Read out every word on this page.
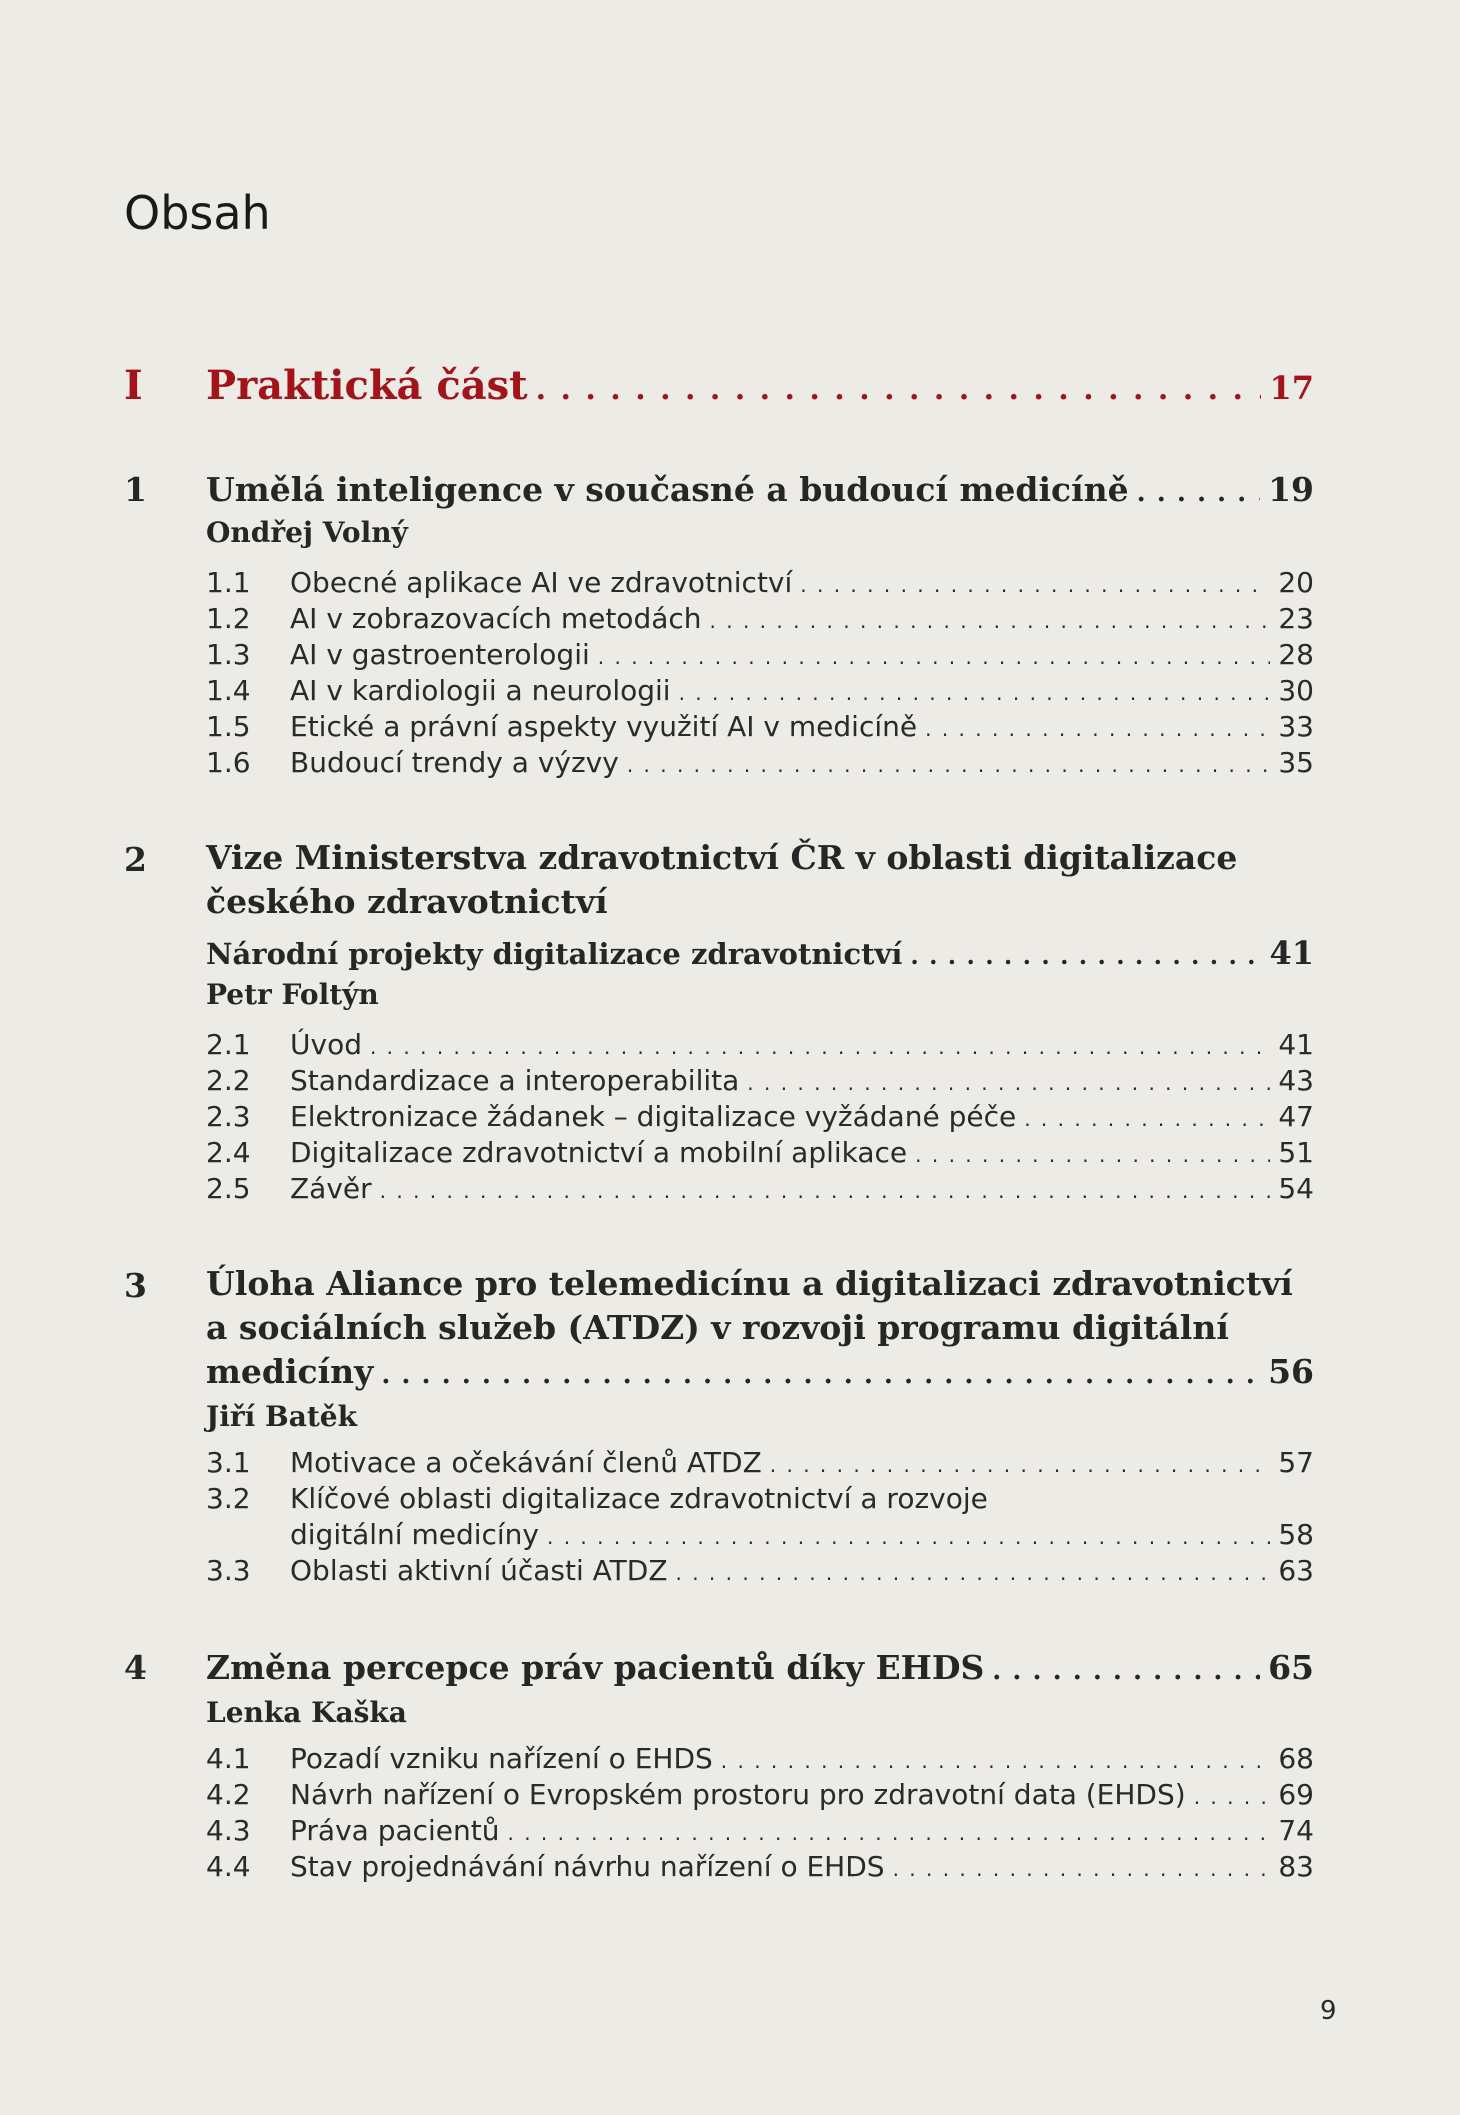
Obsah
I Praktická část . . .	17
1 Umělá inteligence v současné a budoucí medicíně . . .	19
Ondřej Volný
1.1 Obecné aplikace AI ve zdravotnictví . . .	20
1.2 AI v zobrazovacích metodách . . .	23
1.3 AI v gastroenterologii . . .	28
1.4 AI v kardiologii a neurologii . . .	30
1.5 Etické a právní aspekty využití AI v medicíně . . .	33
1.6 Budoucí trendy a výzvy . . .	35
2 Vize Ministerstva zdravotnictví ČR v oblasti digitalizace
českého zdravotnictví
Národní projekty digitalizace zdravotnictví . . .	41
Petr Foltýn
2.1 Úvod . . .	41
2.2 Standardizace a interoperabilita . . .	43
2.3 Elektronizace žádanek – digitalizace vyžádané péče . . .	47
2.4 Digitalizace zdravotnictví a mobilní aplikace . . .	51
2.5 Závěr . . .	54
3 Úloha Aliance pro telemedicínu a digitalizaci zdravotnictví
a sociálních služeb (ATDZ) v rozvoji programu digitální
medicíny . . .	56
Jiří Batěk
3.1 Motivace a očekávání členů ATDZ . . .	57
3.2 Klíčové oblasti digitalizace zdravotnictví a rozvoje
digitální medicíny . . .	58
3.3 Oblasti aktivní účasti ATDZ . . .	63
4 Změna percepce práv pacientů díky EHDS . . .	65
Lenka Kaška
4.1 Pozadí vzniku nařízení o EHDS . . .	68
4.2 Návrh nařízení o Evropském prostoru pro zdravotní data (EHDS) . . .	69
4.3 Práva pacientů . . .	74
4.4 Stav projednávání návrhu nařízení o EHDS . . .	83
9
